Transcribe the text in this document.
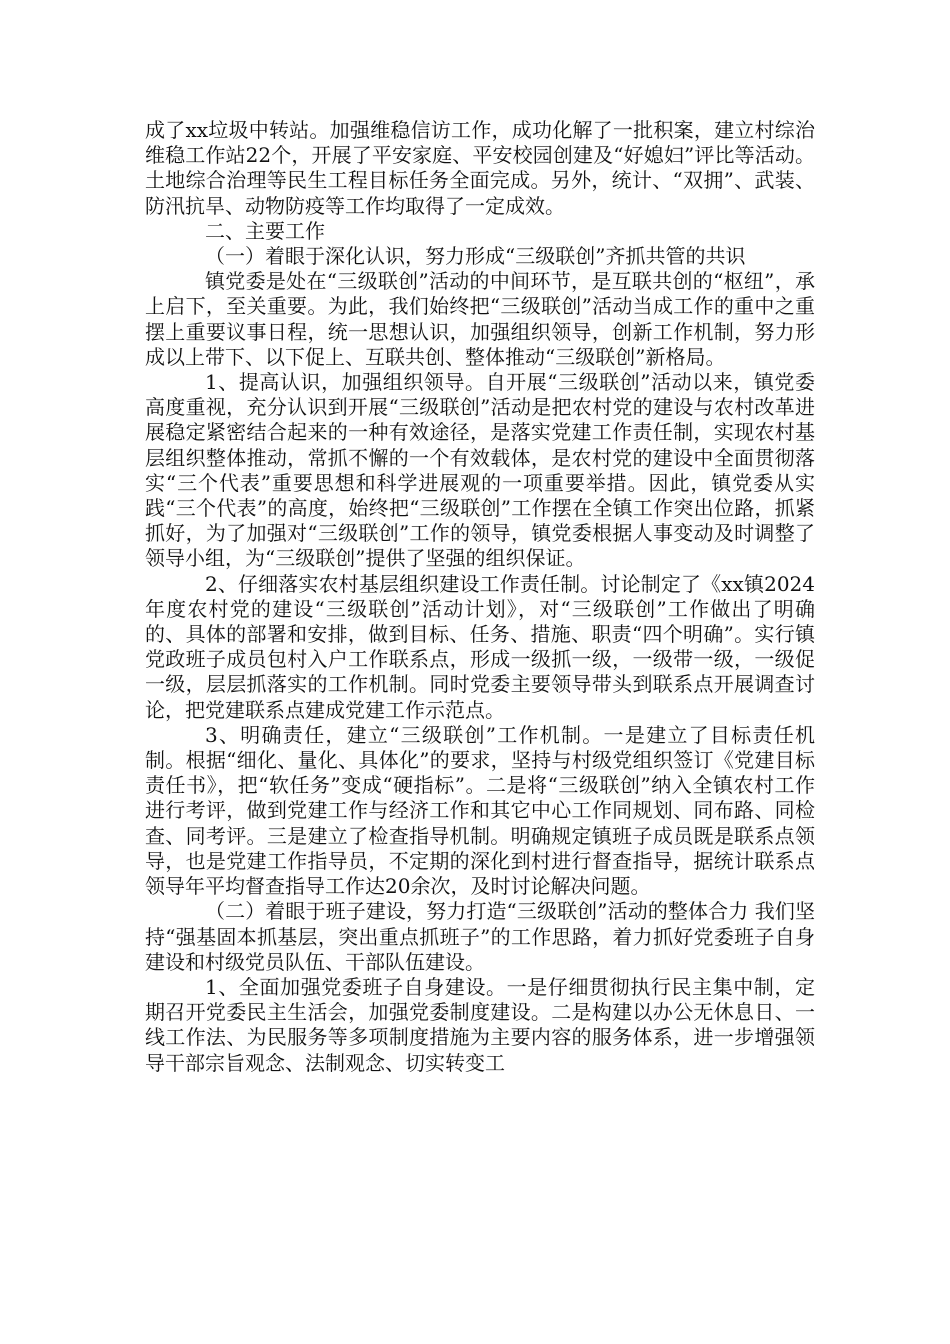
成了xx垃圾中转站。加强维稳信访工作，成功化解了一批积案，建立村综治维稳工作站22个，开展了平安家庭、平安校园创建及“好媳妇”评比等活动。土地综合治理等民生工程目标任务全面完成。另外，统计、“双拥”、武装、防汛抗旱、动物防疫等工作均取得了一定成效。

二、主要工作

（一）着眼于深化认识，努力形成“三级联创”齐抓共管的共识

镇党委是处在“三级联创”活动的中间环节，是互联共创的“枢纽”，承上启下，至关重要。为此，我们始终把“三级联创”活动当成工作的重中之重摆上重要议事日程，统一思想认识，加强组织领导，创新工作机制，努力形成以上带下、以下促上、互联共创、整体推动“三级联创”新格局。

1、提高认识，加强组织领导。自开展“三级联创”活动以来，镇党委高度重视，充分认识到开展“三级联创”活动是把农村党的建设与农村改革进展稳定紧密结合起来的一种有效途径，是落实党建工作责任制，实现农村基层组织整体推动，常抓不懈的一个有效载体，是农村党的建设中全面贯彻落实“三个代表”重要思想和科学进展观的一项重要举措。因此，镇党委从实践“三个代表”的高度，始终把“三级联创”工作摆在全镇工作突出位路，抓紧抓好，为了加强对“三级联创”工作的领导，镇党委根据人事变动及时调整了领导小组，为“三级联创”提供了坚强的组织保证。

2、仔细落实农村基层组织建设工作责任制。讨论制定了《xx镇2024年度农村党的建设“三级联创”活动计划》，对“三级联创”工作做出了明确的、具体的部署和安排，做到目标、任务、措施、职责“四个明确”。实行镇党政班子成员包村入户工作联系点，形成一级抓一级，一级带一级，一级促一级，层层抓落实的工作机制。同时党委主要领导带头到联系点开展调查讨论，把党建联系点建成党建工作示范点。

3、明确责任，建立“三级联创”工作机制。一是建立了目标责任机制。根据“细化、量化、具体化”的要求，坚持与村级党组织签订《党建目标责任书》，把“软任务”变成“硬指标”。二是将“三级联创”纳入全镇农村工作进行考评，做到党建工作与经济工作和其它中心工作同规划、同布路、同检查、同考评。三是建立了检查指导机制。明确规定镇班子成员既是联系点领导，也是党建工作指导员，不定期的深化到村进行督查指导，据统计联系点领导年平均督查指导工作达20余次，及时讨论解决问题。

（二）着眼于班子建设，努力打造“三级联创”活动的整体合力 我们坚持“强基固本抓基层，突出重点抓班子”的工作思路，着力抓好党委班子自身建设和村级党员队伍、干部队伍建设。

1、全面加强党委班子自身建设。一是仔细贯彻执行民主集中制，定期召开党委民主生活会，加强党委制度建设。二是构建以办公无休息日、一线工作法、为民服务等多项制度措施为主要内容的服务体系，进一步增强领导干部宗旨观念、法制观念、切实转变工
